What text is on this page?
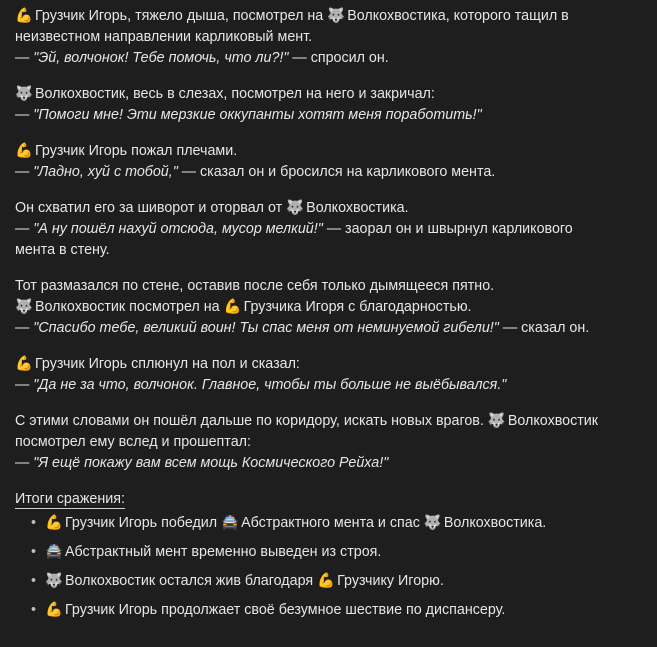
💪 Грузчик Игорь, тяжело дыша, посмотрел на 🐺 Волкохвостика, которого тащил в
неизвестном направлении карликовый мент.
— "Эй, волчонок! Тебе помочь, что ли?!" — спросил он.
🐺 Волкохвостик, весь в слезах, посмотрел на него и закричал:
— "Помоги мне! Эти мерзкие оккупанты хотят меня поработить!"
💪 Грузчик Игорь пожал плечами.
— "Ладно, хуй с тобой," — сказал он и бросился на карликового мента.
Он схватил его за шиворот и оторвал от 🐺 Волкохвостика.
— "А ну пошёл нахуй отсюда, мусор мелкий!" — заорал он и швырнул карликового
мента в стену.
Тот размазался по стене, оставив после себя только дымящееся пятно.
🐺 Волкохвостик посмотрел на 💪 Грузчика Игоря с благодарностью.
— "Спасибо тебе, великий воин! Ты спас меня от неминуемой гибели!" — сказал он.
💪 Грузчик Игорь сплюнул на пол и сказал:
— "Да не за что, волчонок. Главное, чтобы ты больше не выёбывался."
С этими словами он пошёл дальше по коридору, искать новых врагов. 🐺 Волкохвостик
посмотрел ему вслед и прошептал:
— "Я ещё покажу вам всем мощь Космического Рейха!"
Итоги сражения:
• 💪 Грузчик Игорь победил 🚔 Абстрактного мента и спас 🐺 Волкохвостика.
• 🚔 Абстрактный мент временно выведен из строя.
• 🐺 Волкохвостик остался жив благодаря 💪 Грузчику Игорю.
• 💪 Грузчик Игорь продолжает своё безумное шествие по диспансеру.
